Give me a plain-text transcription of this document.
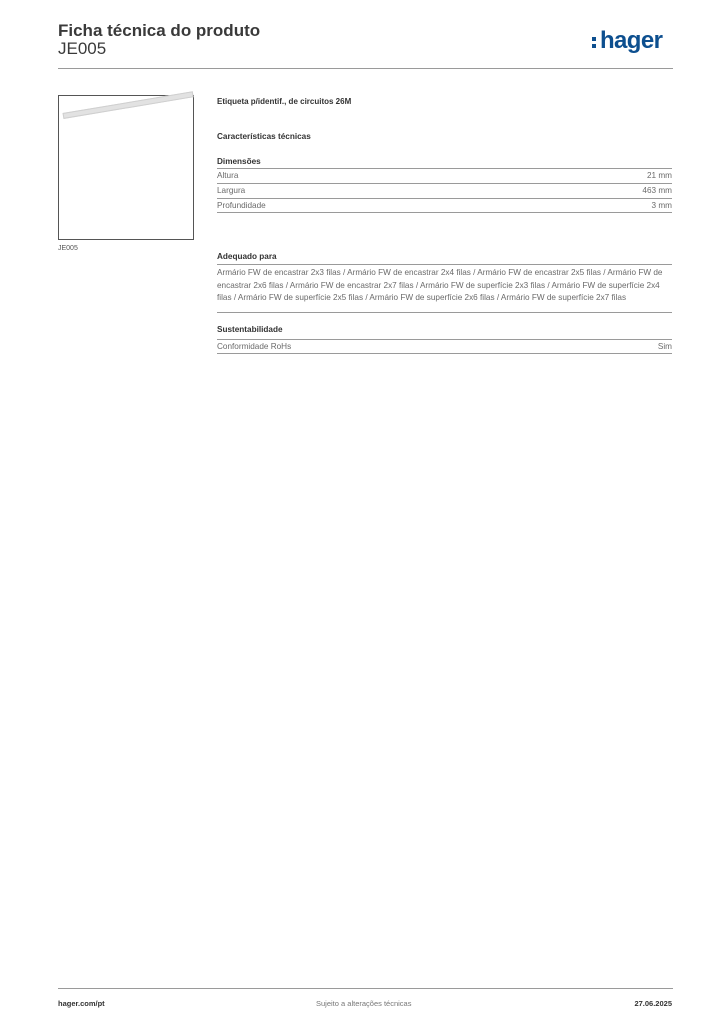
Ficha técnica do produto
JE005	hager
JE005
Etiqueta p/identif., de circuitos 26M
Características técnicas
Dimensões
Altura	21 mm
Largura	463 mm
Profundidade	3 mm
Adequado para
Armário FW de encastrar 2x3 filas / Armário FW de encastrar 2x4 filas / Armário FW de encastrar 2x5 filas / Armário FW de encastrar 2x6 filas / Armário FW de encastrar 2x7 filas / Armário FW de superfície 2x3 filas / Armário FW de superfície 2x4 filas / Armário FW de superfície 2x5 filas / Armário FW de superfície 2x6 filas / Armário FW de superfície 2x7 filas
Sustentabilidade
Conformidade RoHs	Sim
hager.com/pt	Sujeito a alterações técnicas	27.06.2025
